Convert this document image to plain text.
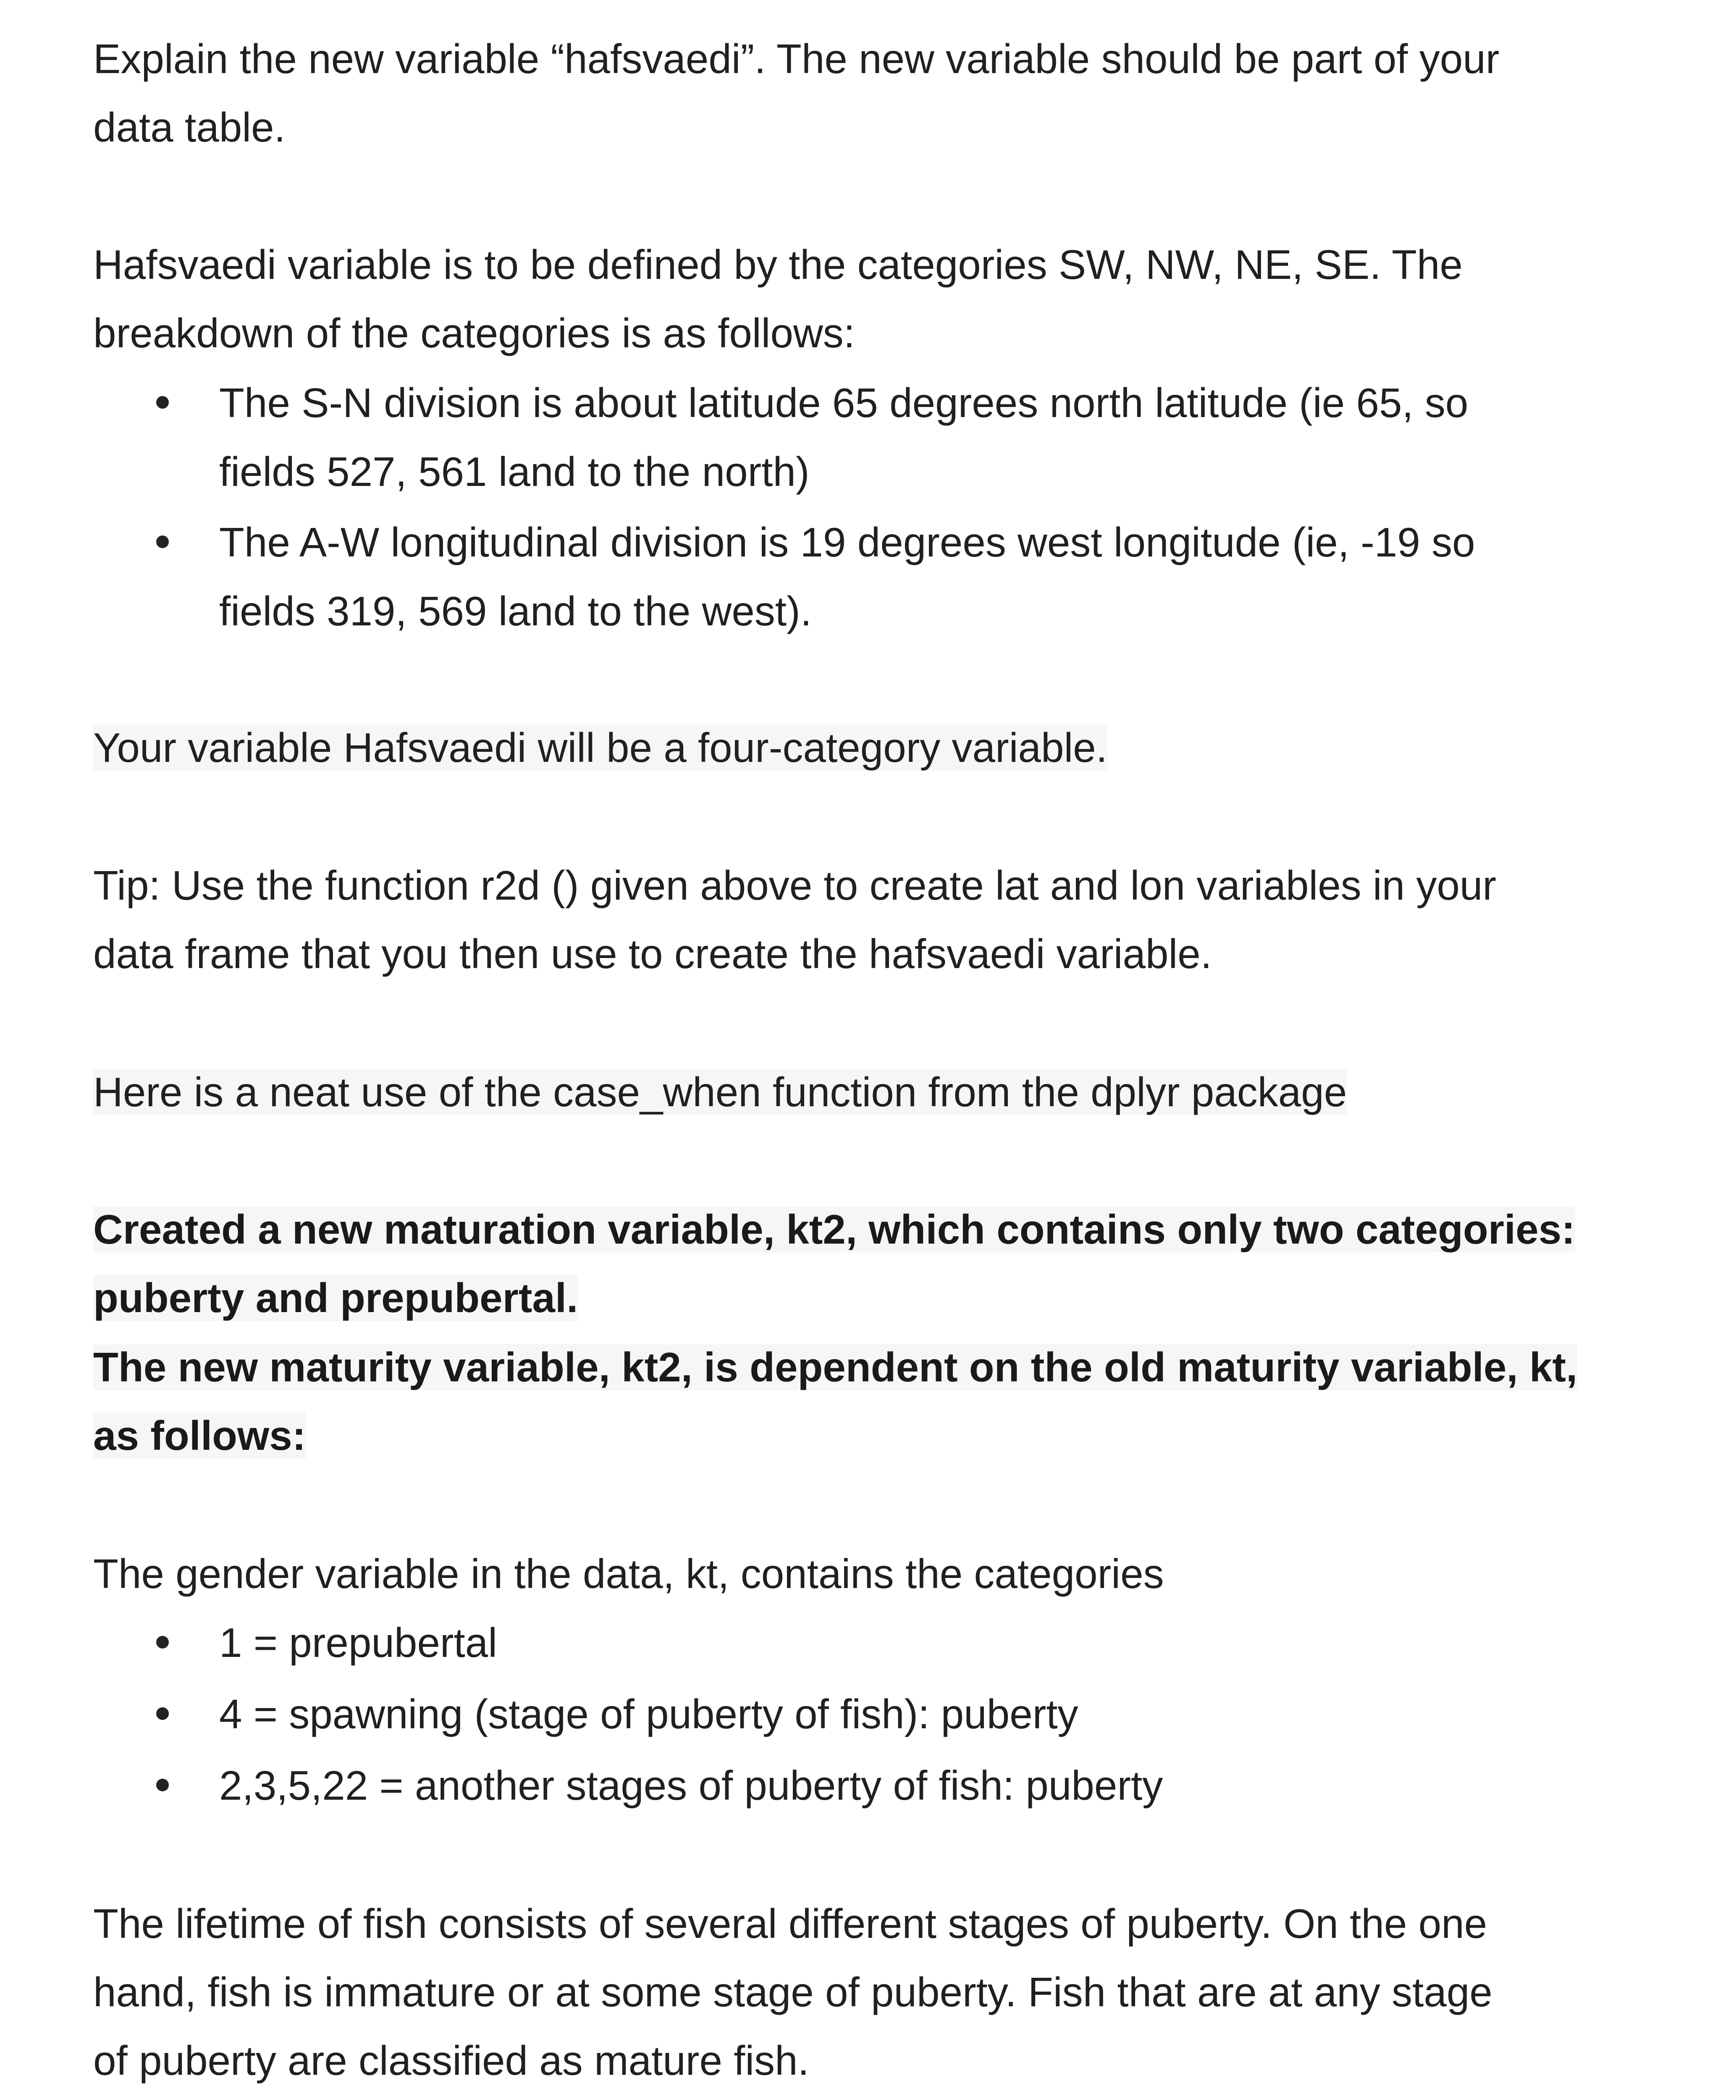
Explain the new variable “hafsvaedi”. The new variable should be part of your
data table.
Hafsvaedi variable is to be defined by the categories SW, NW, NE, SE. The
breakdown of the categories is as follows:
The S-N division is about latitude 65 degrees north latitude (ie 65, so
fields 527, 561 land to the north)
The A-W longitudinal division is 19 degrees west longitude (ie, -19 so
fields 319, 569 land to the west).
Your variable Hafsvaedi will be a four-category variable.
Tip: Use the function r2d () given above to create lat and lon variables in your
data frame that you then use to create the hafsvaedi variable.
Here is a neat use of the case_when function from the dplyr package
Created a new maturation variable, kt2, which contains only two categories:
puberty and prepubertal.
The new maturity variable, kt2, is dependent on the old maturity variable, kt,
as follows:
The gender variable in the data, kt, contains the categories
1 = prepubertal
4 = spawning (stage of puberty of fish): puberty
2,3,5,22 = another stages of puberty of fish: puberty
The lifetime of fish consists of several different stages of puberty. On the one
hand, fish is immature or at some stage of puberty. Fish that are at any stage
of puberty are classified as mature fish.
